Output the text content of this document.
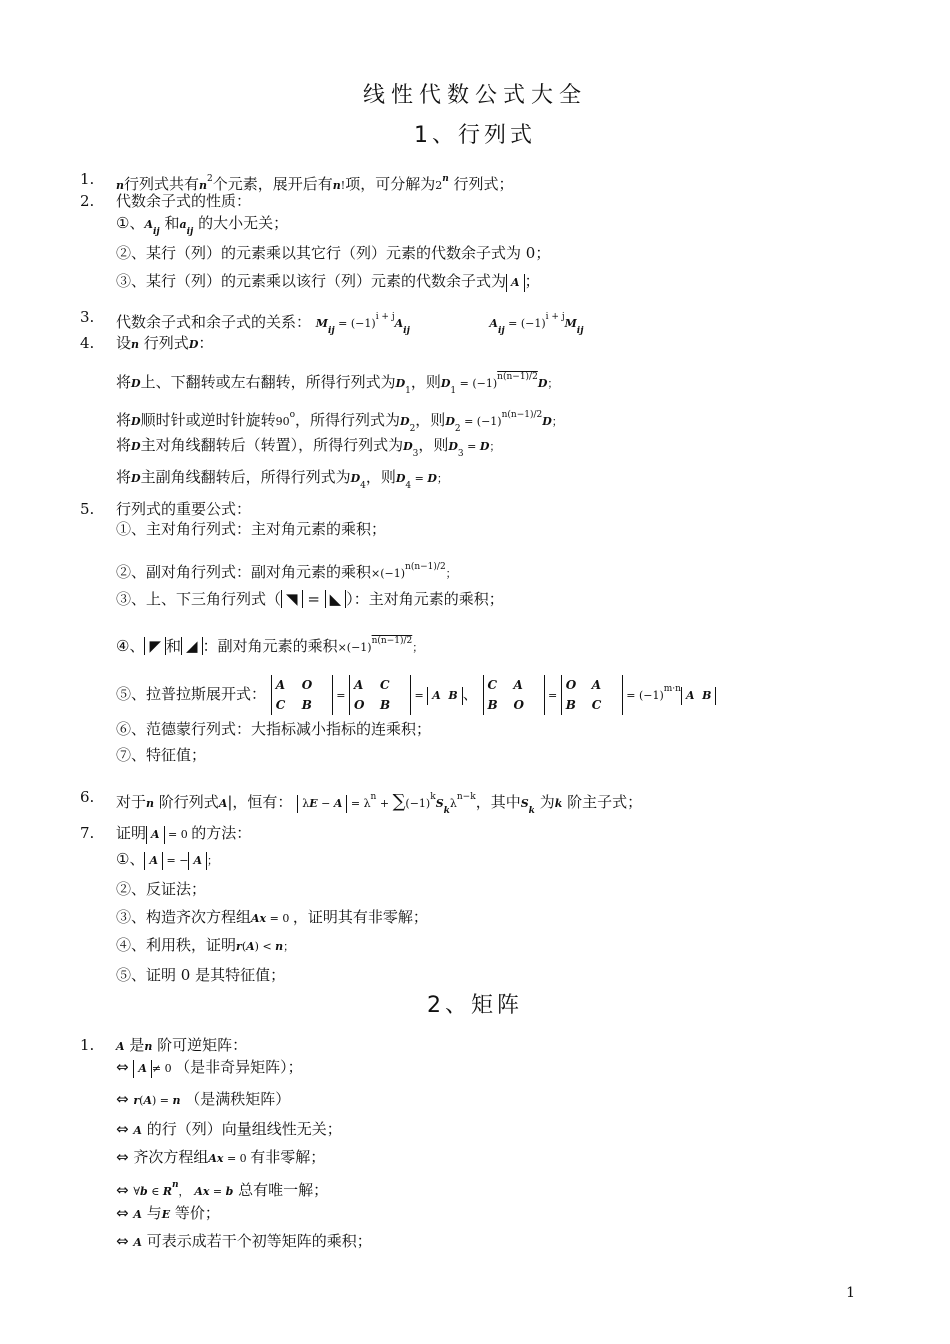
线性代数公式大全
1、行列式
1. n行列式共有$n^2$个元素，展开后有n!项，可分解为2$^n$ 行列式；
2. 代数余子式的性质：
①、$A_{ij}$ 和$a_{ij}$ 的大小无关；
②、某行（列）的元素乘以其它行（列）元素的代数余子式为 0；
③、某行（列）的元素乘以该行（列）元素的代数余子式为 A ；
3. 代数余子式和余子式的关系： $M_{ij} = (-1)^{i + j}A_{ij}$  $A_{ij} = (-1)^{i + j}M_{ij}$
4. 设n 行列式D：
将D上、下翻转或左右翻转，所得行列式为$D_1$，则$D_1 = (-1)^{n(n-1)/2}D$；
将D顺时针或逆时针旋转90$^o$，所得行列式为$D_2$，则$D_2 = (-1)^{n(n-1)/2}D$；
将D主对角线翻转后（转置），所得行列式为$D_3$，则$D_3 = D$；
将D主副角线翻转后，所得行列式为$D_4$，则$D_4 = D$；
5. 行列式的重要公式：
①、主对角行列式：主对角元素的乘积；
②、副对角行列式：副对角元素的乘积$\times(-1)^{n(n-1)/2}$；
③、上、下三角行列式（ ◥ = ◣ ）：主对角元素的乘积；
④、 ◤ 和 ◢ ：副对角元素的乘积$\times(-1)^{n(n-1)/2}$；
⑤、拉普拉斯展开式： A O
C B = A C
O B = A  B 、 C A
B O = O A
B $C = (-1)^{m\cdot n}$ A  B
⑥、范德蒙行列式：大指标减小指标的连乘积；
⑦、特征值；
6. 对于n 阶行列式A|，恒有： $\lambda E - A = \lambda^n + \sum(-1)^kS_k\lambda^{n-k}$，其中$S_k$ 为k 阶主子式；
7. 证明 A = 0 的方法：
①、 A = − A ；
②、反证法；
③、构造齐次方程组Ax = 0 ，证明其有非零解；
④、利用秩，证明r(A) < n；
⑤、证明 0 是其特征值；
2、矩阵
1. A 是n 阶可逆矩阵：
⇔ A ≠ 0 （是非奇异矩阵）；
⇔ r(A) = n （是满秩矩阵）
⇔ A 的行（列）向量组线性无关；
⇔ 齐次方程组Ax = 0 有非零解；
⇔ ∀b ∈ $R^n$， Ax = b 总有唯一解；
⇔ A 与E 等价；
⇔ A 可表示成若干个初等矩阵的乘积；
1
